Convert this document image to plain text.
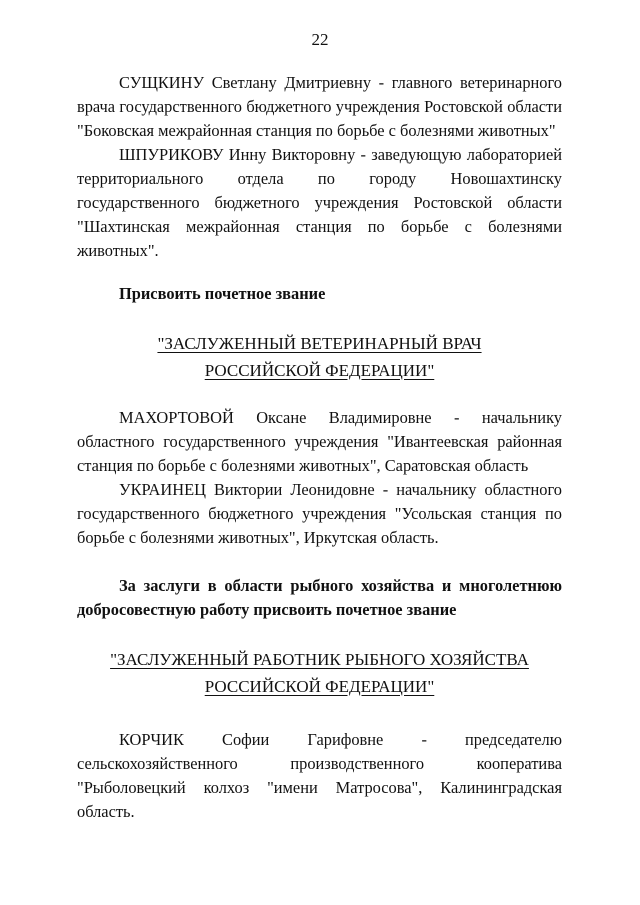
22

СУЩКИНУ Светлану Дмитриевну - главного ветеринарного врача государственного бюджетного учреждения Ростовской области "Боковская межрайонная станция по борьбе с болезнями животных"

ШПУРИКОВУ Инну Викторовну - заведующую лабораторией территориального отдела по городу Новошахтинску государственного бюджетного учреждения Ростовской области "Шахтинская межрайонная станция по борьбе с болезнями животных".

Присвоить почетное звание

"ЗАСЛУЖЕННЫЙ ВЕТЕРИНАРНЫЙ ВРАЧ
РОССИЙСКОЙ ФЕДЕРАЦИИ"

МАХОРТОВОЙ Оксане Владимировне - начальнику областного государственного учреждения "Ивантеевская районная станция по борьбе с болезнями животных", Саратовская область

УКРАИНЕЦ Виктории Леонидовне - начальнику областного государственного бюджетного учреждения "Усольская станция по борьбе с болезнями животных", Иркутская область.

За заслуги в области рыбного хозяйства и многолетнюю добросовестную работу присвоить почетное звание

"ЗАСЛУЖЕННЫЙ РАБОТНИК РЫБНОГО ХОЗЯЙСТВА
РОССИЙСКОЙ ФЕДЕРАЦИИ"
КОРЧИК Софии Гарифовне - председателю
сельскохозяйственного производственного кооператива "Рыболовецкий колхоз "имени Матросова", Калининградская область.
